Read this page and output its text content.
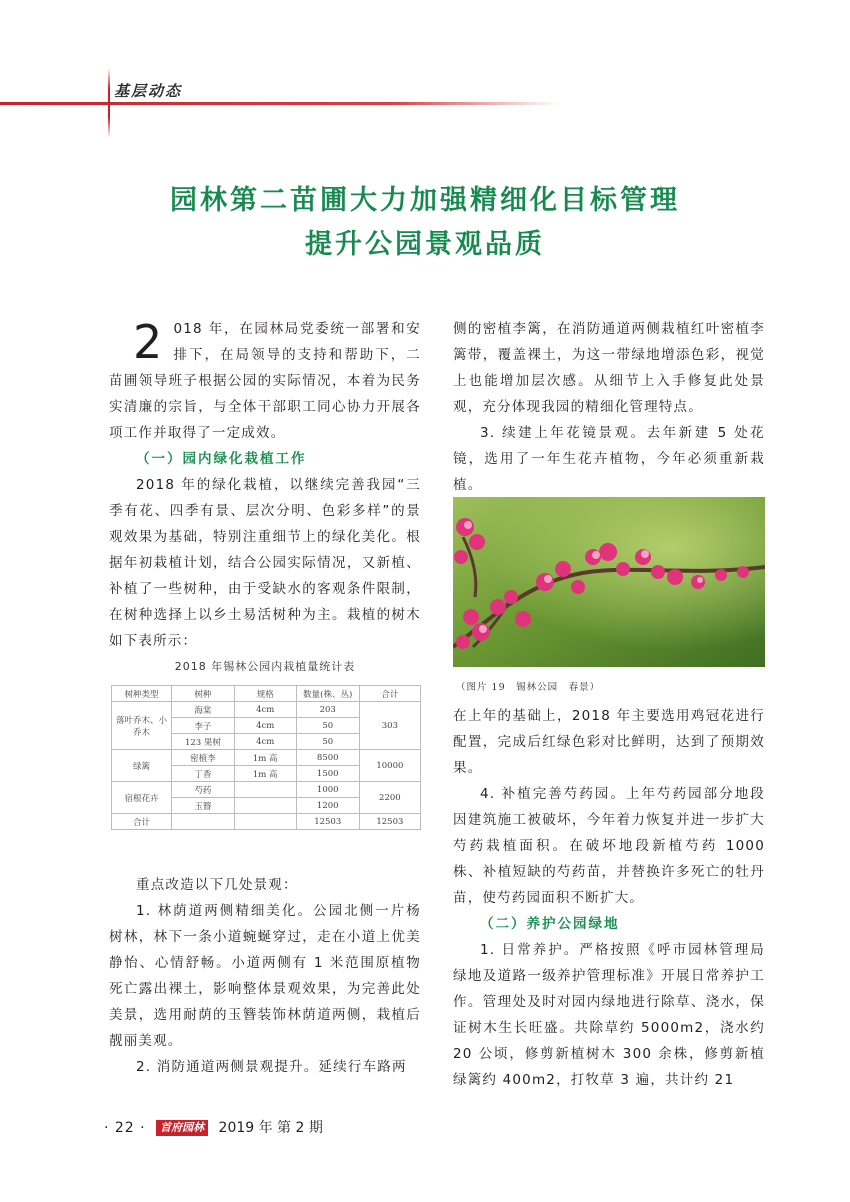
基层动态
园林第二苗圃大力加强精细化目标管理
提升公园景观品质

2 018 年，在园林局党委统一部署和安排下，在局领导的支持和帮助下，二苗圃领导班子根据公园的实际情况，本着为民务实清廉的宗旨，与全体干部职工同心协力开展各项工作并取得了一定成效。

（一）园内绿化栽植工作

2018 年的绿化栽植，以继续完善我园“三季有花、四季有景、层次分明、色彩多样”的景观效果为基础，特别注重细节上的绿化美化。根据年初栽植计划，结合公园实际情况，又新植、补植了一些树种，由于受缺水的客观条件限制，在树种选择上以乡土易活树种为主。栽植的树木如下表所示：

2018 年锡林公园内栽植量统计表
树种类型	树种	规格	数量(株、丛)	合计
落叶乔木、小乔木	海棠	4cm	203	303
	李子	4cm	50	
	123 果树	4cm	50	
绿篱	密植李	1m 高	8500	10000
	丁香	1m 高	1500	
宿根花卉	芍药		1000	2200
	玉簪		1200	
合计			12503	12503

重点改造以下几处景观：

1. 林荫道两侧精细美化。公园北侧一片杨树林，林下一条小道蜿蜒穿过，走在小道上优美静怡、心情舒畅。小道两侧有 1 米范围原植物死亡露出裸土，影响整体景观效果，为完善此处美景，选用耐荫的玉簪装饰林荫道两侧，栽植后靓丽美观。

2. 消防通道两侧景观提升。延续行车路两

侧的密植李篱，在消防通道两侧栽植红叶密植李篱带，覆盖裸土，为这一带绿地增添色彩，视觉上也能增加层次感。从细节上入手修复此处景观，充分体现我园的精细化管理特点。

3. 续建上年花镜景观。去年新建 5 处花镜，选用了一年生花卉植物，今年必须重新栽植。

（图片 19　锡林公园　春景）

在上年的基础上，2018 年主要选用鸡冠花进行配置，完成后红绿色彩对比鲜明，达到了预期效果。

4. 补植完善芍药园。上年芍药园部分地段因建筑施工被破坏，今年着力恢复并进一步扩大芍药栽植面积。在破坏地段新植芍药 1000 株、补植短缺的芍药苗，并替换许多死亡的牡丹苗，使芍药园面积不断扩大。

（二）养护公园绿地

1. 日常养护。严格按照《呼市园林管理局绿地及道路一级养护管理标准》开展日常养护工作。管理处及时对园内绿地进行除草、浇水，保证树木生长旺盛。共除草约 5000m2，浇水约 20 公顷，修剪新植树木 300 余株，修剪新植绿篱约 400m2，打牧草 3 遍，共计约 21

· 22 · 首府园林 2019 年 第 2 期
